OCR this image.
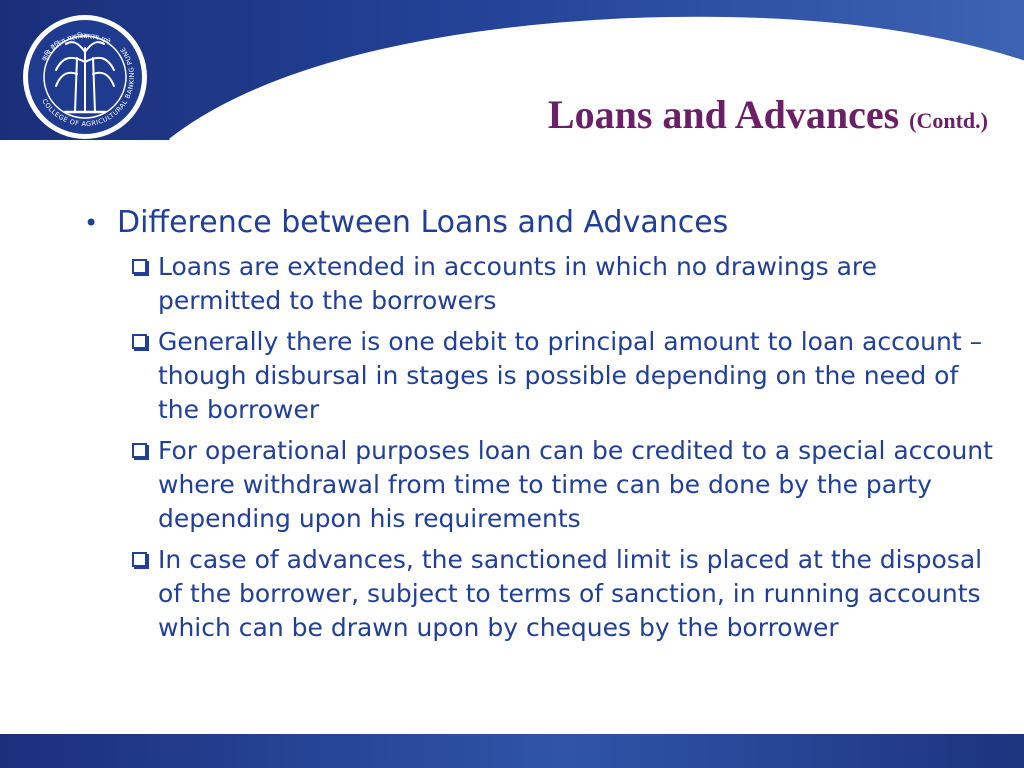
COLLEGE OF AGRICULTURAL BANKING PUNE
कृषि बैंकिंग महाविद्यालय पुणे
Loans and Advances (Contd.)
• Difference between Loans and Advances
Loans are extended in accounts in which no drawings are permitted to the borrowers
Generally there is one debit to principal amount to loan account – though disbursal in stages is possible depending on the need of the borrower
For operational purposes loan can be credited to a special account where withdrawal from time to time can be done by the party depending upon his requirements
In case of advances, the sanctioned limit is placed at the disposal of the borrower, subject to terms of sanction, in running accounts which can be drawn upon by cheques by the borrower
